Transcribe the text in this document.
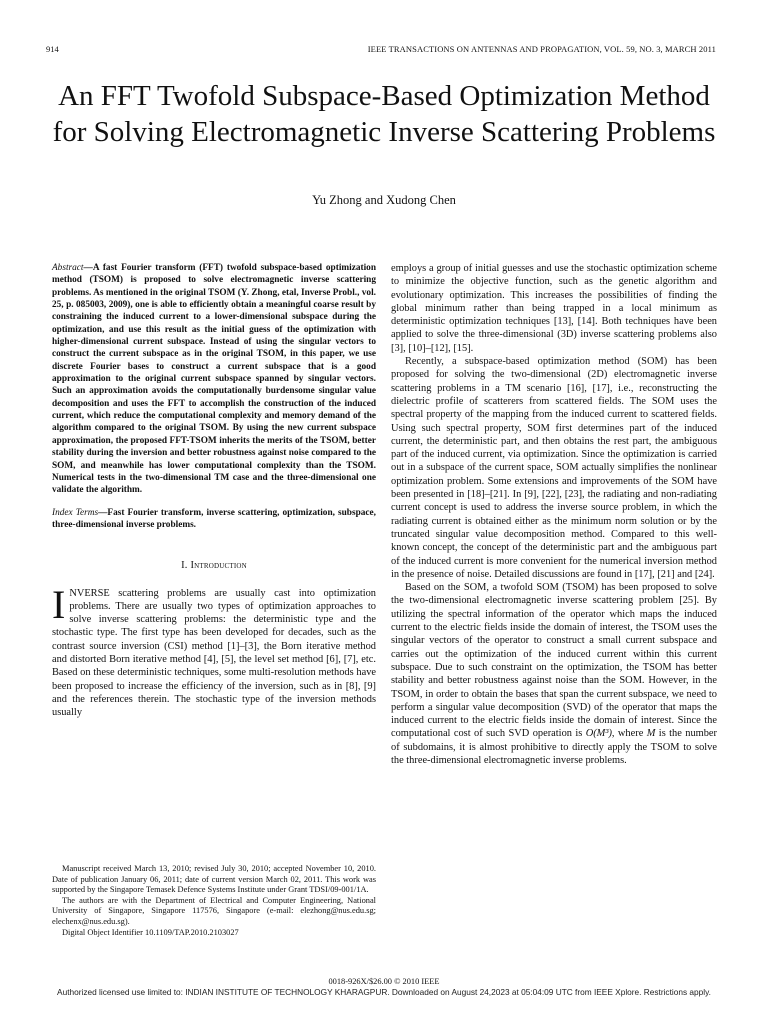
914	IEEE TRANSACTIONS ON ANTENNAS AND PROPAGATION, VOL. 59, NO. 3, MARCH 2011
An FFT Twofold Subspace-Based Optimization Method for Solving Electromagnetic Inverse Scattering Problems
Yu Zhong and Xudong Chen
Abstract—A fast Fourier transform (FFT) twofold subspace-based optimization method (TSOM) is proposed to solve electromagnetic inverse scattering problems. As mentioned in the original TSOM (Y. Zhong, etal, Inverse Probl., vol. 25, p. 085003, 2009), one is able to efficiently obtain a meaningful coarse result by constraining the induced current to a lower-dimensional subspace during the optimization, and use this result as the initial guess of the optimization with higher-dimensional current subspace. Instead of using the singular vectors to construct the current subspace as in the original TSOM, in this paper, we use discrete Fourier bases to construct a current subspace that is a good approximation to the original current subspace spanned by singular vectors. Such an approximation avoids the computationally burdensome singular value decomposition and uses the FFT to accomplish the construction of the induced current, which reduce the computational complexity and memory demand of the algorithm compared to the original TSOM. By using the new current subspace approximation, the proposed FFT-TSOM inherits the merits of the TSOM, better stability during the inversion and better robustness against noise compared to the SOM, and meanwhile has lower computational complexity than the TSOM. Numerical tests in the two-dimensional TM case and the three-dimensional one validate the algorithm.
Index Terms—Fast Fourier transform, inverse scattering, optimization, subspace, three-dimensional inverse problems.
I. Introduction

INVERSE scattering problems are usually cast into optimization problems. There are usually two types of optimization approaches to solve inverse scattering problems: the deterministic type and the stochastic type. The first type has been developed for decades, such as the contrast source inversion (CSI) method [1]–[3], the Born iterative method and distorted Born iterative method [4], [5], the level set method [6], [7], etc. Based on these deterministic techniques, some multi-resolution methods have been proposed to increase the efficiency of the inversion, such as in [8], [9] and the references therein. The stochastic type of the inversion methods usually

employs a group of initial guesses and use the stochastic optimization scheme to minimize the objective function, such as the genetic algorithm and evolutionary optimization. This increases the possibilities of finding the global minimum rather than being trapped in a local minimum as deterministic optimization techniques [13], [14]. Both techniques have been applied to solve the three-dimensional (3D) inverse scattering problems also [3], [10]–[12], [15].

Recently, a subspace-based optimization method (SOM) has been proposed for solving the two-dimensional (2D) electromagnetic inverse scattering problems in a TM scenario [16], [17], i.e., reconstructing the dielectric profile of scatterers from scattered fields. The SOM uses the spectral property of the mapping from the induced current to scattered fields. Using such spectral property, SOM first determines part of the induced current, the deterministic part, and then obtains the rest part, the ambiguous part of the induced current, via optimization. Since the optimization is carried out in a subspace of the current space, SOM actually simplifies the nonlinear optimization problem. Some extensions and improvements of the SOM have been presented in [18]–[21]. In [9], [22], [23], the radiating and non-radiating current concept is used to address the inverse source problem, in which the radiating current is obtained either as the minimum norm solution or by the truncated singular value decomposition method. Compared to this well-known concept, the concept of the deterministic part and the ambiguous part of the induced current is more convenient for the numerical inversion method in the presence of noise. Detailed discussions are found in [17], [21] and [24].

Based on the SOM, a twofold SOM (TSOM) has been proposed to solve the two-dimensional electromagnetic inverse scattering problem [25]. By utilizing the spectral information of the operator which maps the induced current to the electric fields inside the domain of interest, the TSOM uses the singular vectors of the operator to construct a small current subspace and carries out the optimization of the induced current within this current subspace. Due to such constraint on the optimization, the TSOM has better stability and better robustness against noise than the SOM. However, in the TSOM, in order to obtain the bases that span the current subspace, we need to perform a singular value decomposition (SVD) of the operator that maps the induced current to the electric fields inside the domain of interest. Since the computational cost of such SVD operation is O(M³), where M is the number of subdomains, it is almost prohibitive to directly apply the TSOM to solve the three-dimensional electromagnetic inverse problems.

Manuscript received March 13, 2010; revised July 30, 2010; accepted November 10, 2010. Date of publication January 06, 2011; date of current version March 02, 2011. This work was supported by the Singapore Temasek Defence Systems Institute under Grant TDSI/09-001/1A.

The authors are with the Department of Electrical and Computer Engineering, National University of Singapore, Singapore 117576, Singapore (e-mail: elezhong@nus.edu.sg; elechenx@nus.edu.sg).

Digital Object Identifier 10.1109/TAP.2010.2103027

0018-926X/$26.00 © 2010 IEEE
Authorized licensed use limited to: INDIAN INSTITUTE OF TECHNOLOGY KHARAGPUR. Downloaded on August 24,2023 at 05:04:09 UTC from IEEE Xplore. Restrictions apply.
